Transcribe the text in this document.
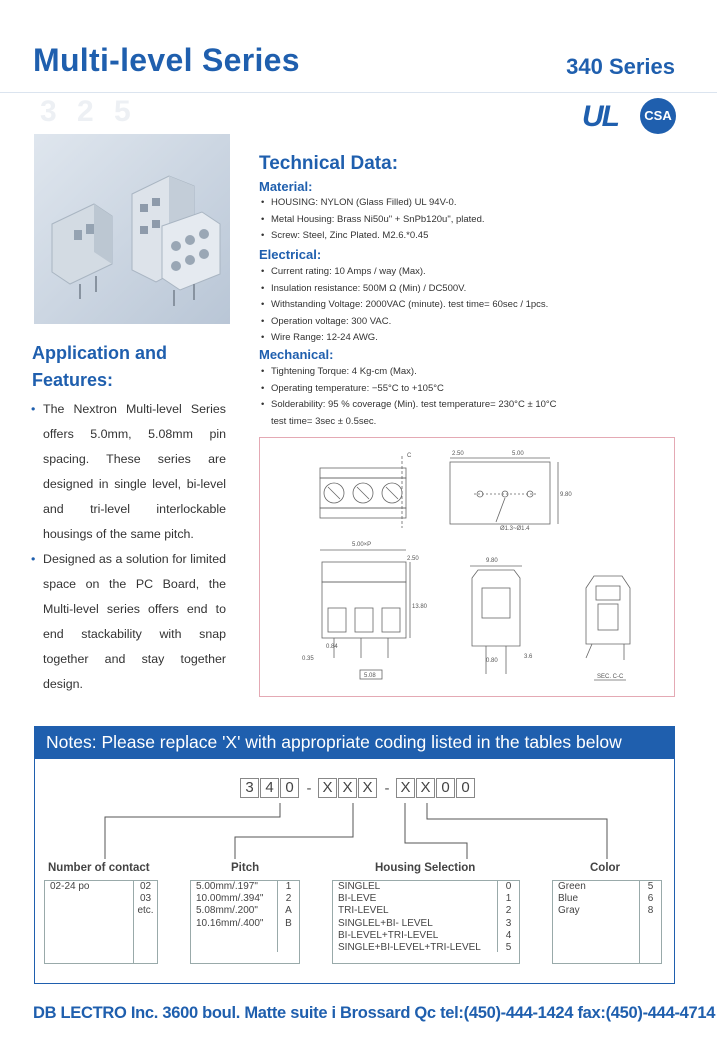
Multi-level Series	340 Series
3 2 5	UL	CSA
Technical Data:
Material:
• HOUSING: NYLON (Glass Filled) UL 94V-0.
• Metal Housing: Brass Ni50u" + SnPb120u", plated.
• Screw: Steel, Zinc Plated. M2.6.*0.45
Electrical:
• Current rating: 10 Amps / way (Max).
• Insulation resistance: 500M Ω (Min) / DC500V.
• Withstanding Voltage: 2000VAC (minute). test time= 60sec / 1pcs.
• Operation voltage: 300 VAC.
• Wire Range: 12-24 AWG.
Mechanical:
• Tightening Torque: 4 Kg-cm (Max).
• Operating temperature: −55°C to +105°C
• Solderability: 95 % coverage (Min). test temperature= 230°C ± 10°C
test time= 3sec ± 0.5sec.
Application and
Features:

• The Nextron Multi-level Series offers 5.0mm, 5.08mm pin spacing. These series are designed in single level, bi-level and tri-level interlockable housings of the same pitch.

• Designed as a solution for limited space on the PC Board, the Multi-level series offers end to end stackability with snap together and stay together design.

C	2.50	5.00
9.80
Ø1.3~Ø1.4
5.00×P
2.50
13.80
0.84
0.35
5.08
9.80
0.80
3.6
SEC. C-C
Notes: Please replace 'X' with appropriate coding listed in the tables below
3 4 0 - X X X - X X 0 0
Number of contact	Pitch	Housing Selection	Color
02-24 po	02
03
etc.
5.00mm/.197"	1
10.00mm/.394"	2
5.08mm/.200"	A
10.16mm/.400"	B
SINGLEL	0
BI-LEVE	1
TRI-LEVEL	2
SINGLEL+BI- LEVEL	3
BI-LEVEL+TRI-LEVEL	4
SINGLE+BI-LEVEL+TRI-LEVEL	5
Green	5
Blue	6
Gray	8
DB LECTRO Inc. 3600 boul. Matte suite i Brossard Qc tel:(450)-444-1424 fax:(450)-444-4714
